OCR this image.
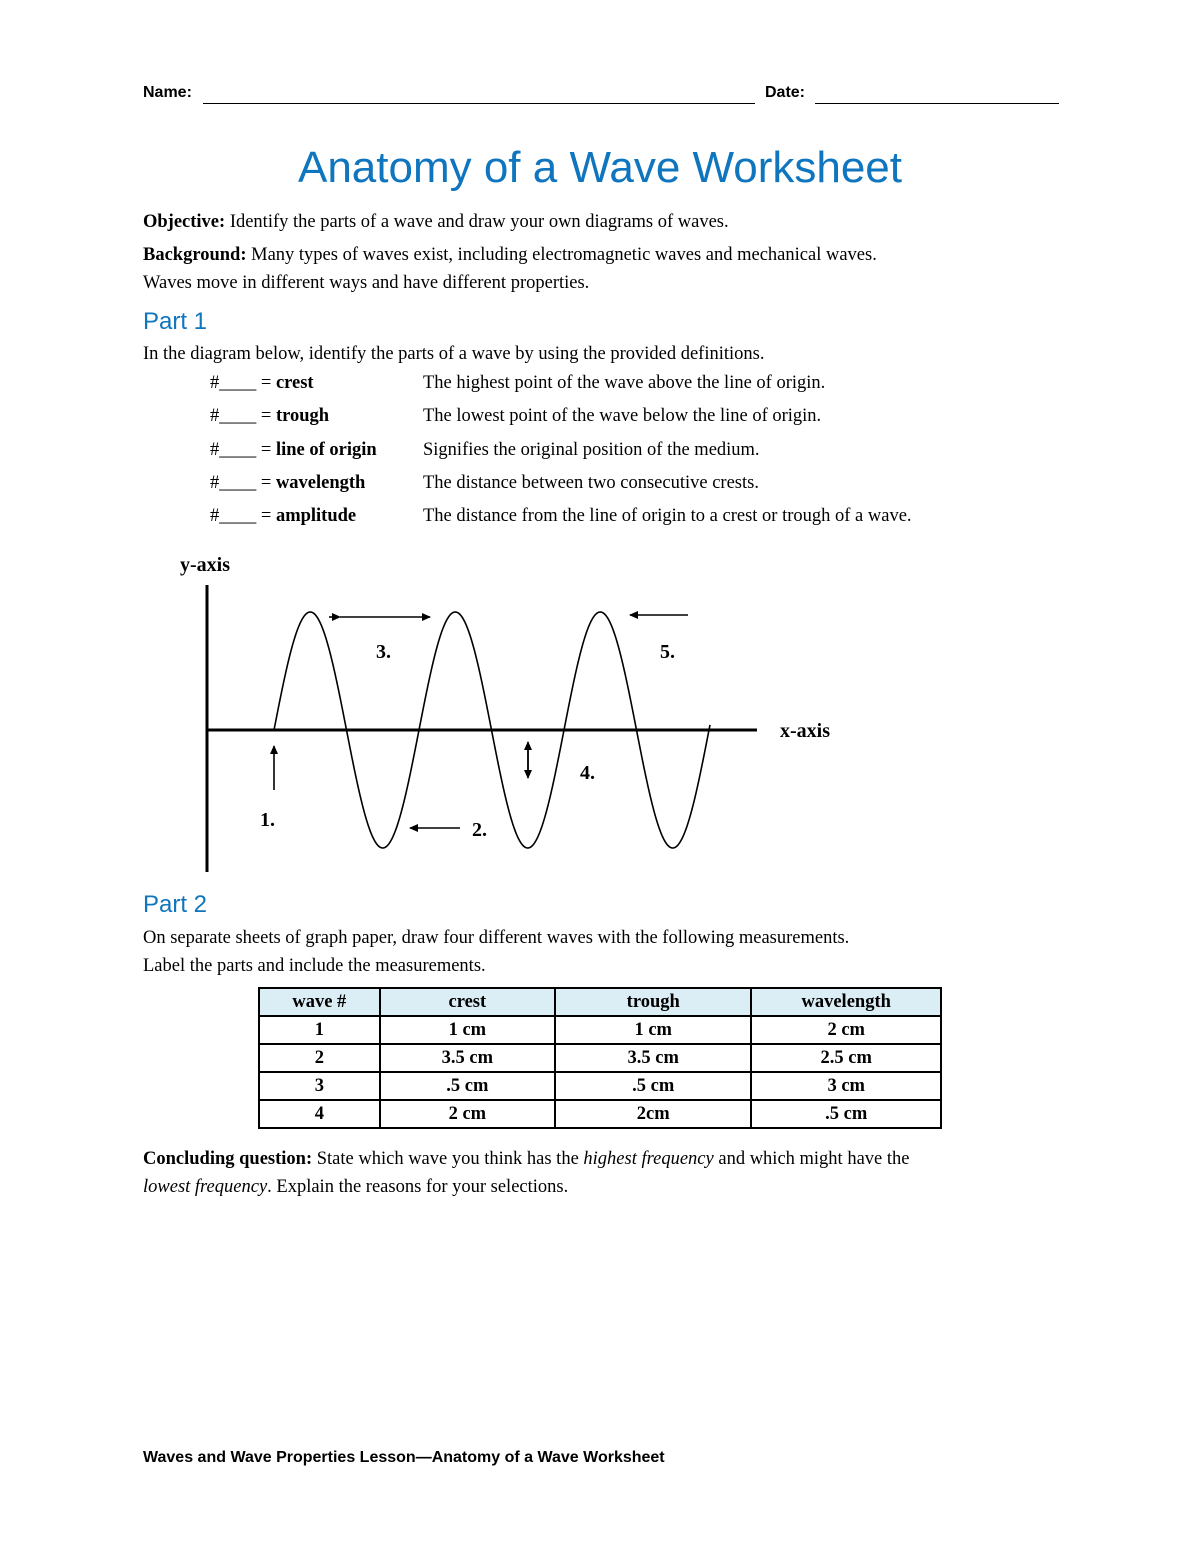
Name:	Date:
Anatomy of a Wave Worksheet
Objective: Identify the parts of a wave and draw your own diagrams of waves.
Background: Many types of waves exist, including electromagnetic waves and mechanical waves.
Waves move in different ways and have different properties.
Part 1
In the diagram below, identify the parts of a wave by using the provided definitions.
#____ = crest	The highest point of the wave above the line of origin.
#____ = trough	The lowest point of the wave below the line of origin.
#____ = line of origin	Signifies the original position of the medium.
#____ = wavelength	The distance between two consecutive crests.
#____ = amplitude	The distance from the line of origin to a crest or trough of a wave.
y-axis
x-axis
1.	2.
3.
4.
5.
Part 2
On separate sheets of graph paper, draw four different waves with the following measurements.
Label the parts and include the measurements.
wave #	crest	trough	wavelength
1	1 cm	1 cm	2 cm
2	3.5 cm	3.5 cm	2.5 cm
3	.5 cm	.5 cm	3 cm
4	2 cm	2cm	.5 cm
Concluding question: State which wave you think has the highest frequency and which might have the
lowest frequency. Explain the reasons for your selections.
Waves and Wave Properties Lesson—Anatomy of a Wave Worksheet
